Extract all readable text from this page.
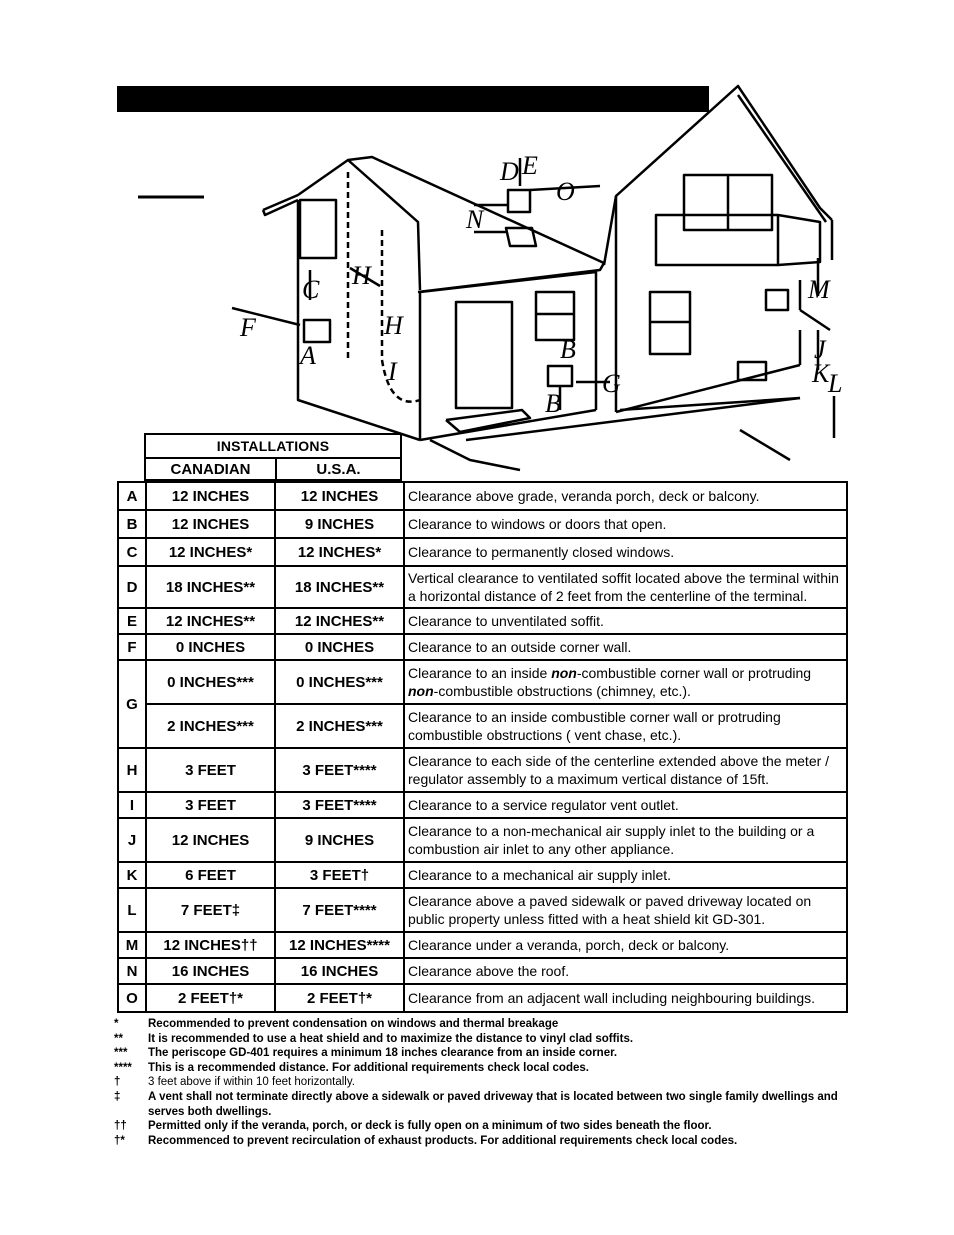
D E
O
N
H
C
F	H
A
I
B
B
G
M
J
K
L
INSTALLATIONS
CANADIAN	U.S.A.
A	12 INCHES	12 INCHES	Clearance above grade, veranda porch, deck or balcony.
B	12 INCHES	9 INCHES	Clearance to windows or doors that open.
C	12 INCHES*	12 INCHES*	Clearance to permanently closed windows.
D	18 INCHES**	18 INCHES**	Vertical clearance to ventilated soffit located above the terminal within a horizontal distance of 2 feet from the centerline of the terminal.
E	12 INCHES**	12 INCHES**	Clearance to unventilated soffit.
F	0 INCHES	0 INCHES	Clearance to an outside corner wall.
G	0 INCHES***	0 INCHES***	Clearance to an inside non-combustible corner wall or protruding non-combustible obstructions (chimney, etc.).
	2 INCHES***	2 INCHES***	Clearance to an inside combustible corner wall or protruding combustible obstructions ( vent chase, etc.).
H	3 FEET	3 FEET****	Clearance to each side of the centerline extended above the meter / regulator assembly to a maximum vertical distance of 15ft.
I	3 FEET	3 FEET****	Clearance to a service regulator vent outlet.
J	12 INCHES	9 INCHES	Clearance to a non-mechanical air supply inlet to the building or a combustion air inlet to any other appliance.
K	6 FEET	3 FEET†	Clearance to a mechanical air supply inlet.
L	7 FEET‡	7 FEET****	Clearance above a paved sidewalk or paved driveway located on public property unless fitted with a heat shield kit GD-301.
M	12 INCHES††	12 INCHES****	Clearance under a veranda, porch, deck or balcony.
N	16 INCHES	16 INCHES	Clearance above the roof.
O	2 FEET†*	2 FEET†*	Clearance from an adjacent wall including neighbouring buildings.
*	Recommended to prevent condensation on windows and thermal breakage
**	It is recommended to use a heat shield and to maximize the distance to vinyl clad soffits.
***	The periscope GD-401 requires a minimum 18 inches clearance from an inside corner.
****	This is a recommended distance. For additional requirements check local codes.
†	3 feet above if within 10 feet horizontally.
‡	A vent shall not terminate directly above a sidewalk or paved driveway that is located between two single family dwellings and serves both dwellings.
††	Permitted only if the veranda, porch, or deck is fully open on a minimum of two sides beneath the floor.
†*	Recommenced to prevent recirculation of exhaust products. For additional requirements check local codes.
